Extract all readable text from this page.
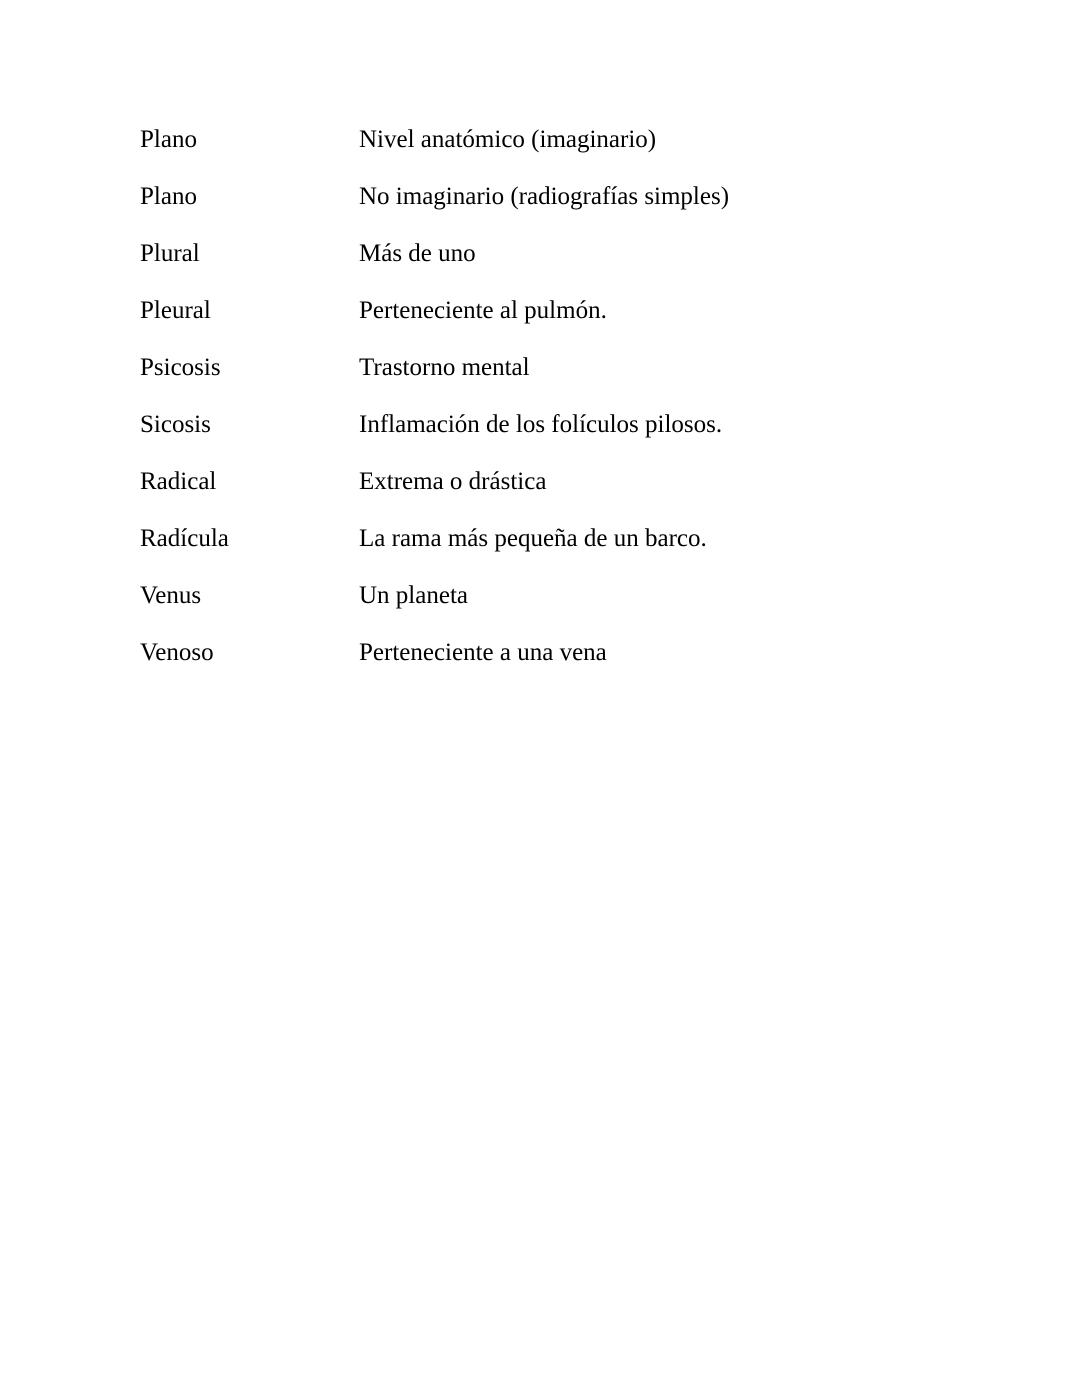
Plano	Nivel anatómico (imaginario)
Plano	No imaginario (radiografías simples)
Plural	Más de uno
Pleural	Perteneciente al pulmón.
Psicosis	Trastorno mental
Sicosis	Inflamación de los folículos pilosos.
Radical	Extrema o drástica
Radícula	La rama más pequeña de un barco.
Venus	Un planeta
Venoso	Perteneciente a una vena
